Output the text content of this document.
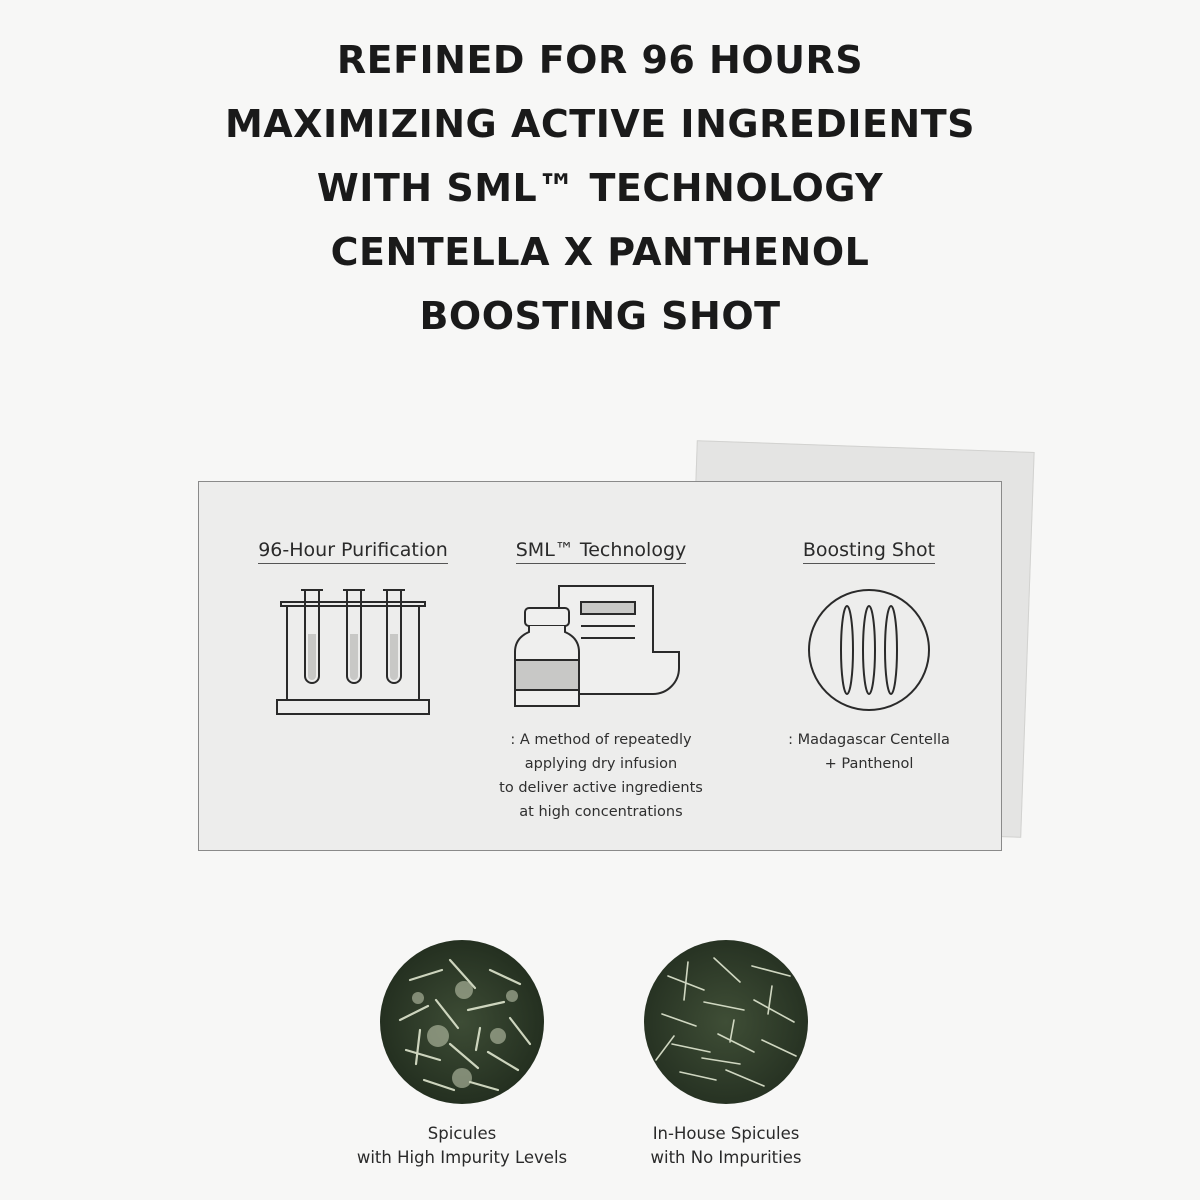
REFINED FOR 96 HOURS
MAXIMIZING ACTIVE INGREDIENTS
WITH SML™ TECHNOLOGY
CENTELLA X PANTHENOL
BOOSTING SHOT
96-Hour Purification	SML™ Technology
: A method of repeatedly
applying dry infusion
to deliver active ingredients
at high concentrations
Boosting Shot
: Madagascar Centella
+ Panthenol
Spicules
with High Impurity Levels
In-House Spicules
with No Impurities
